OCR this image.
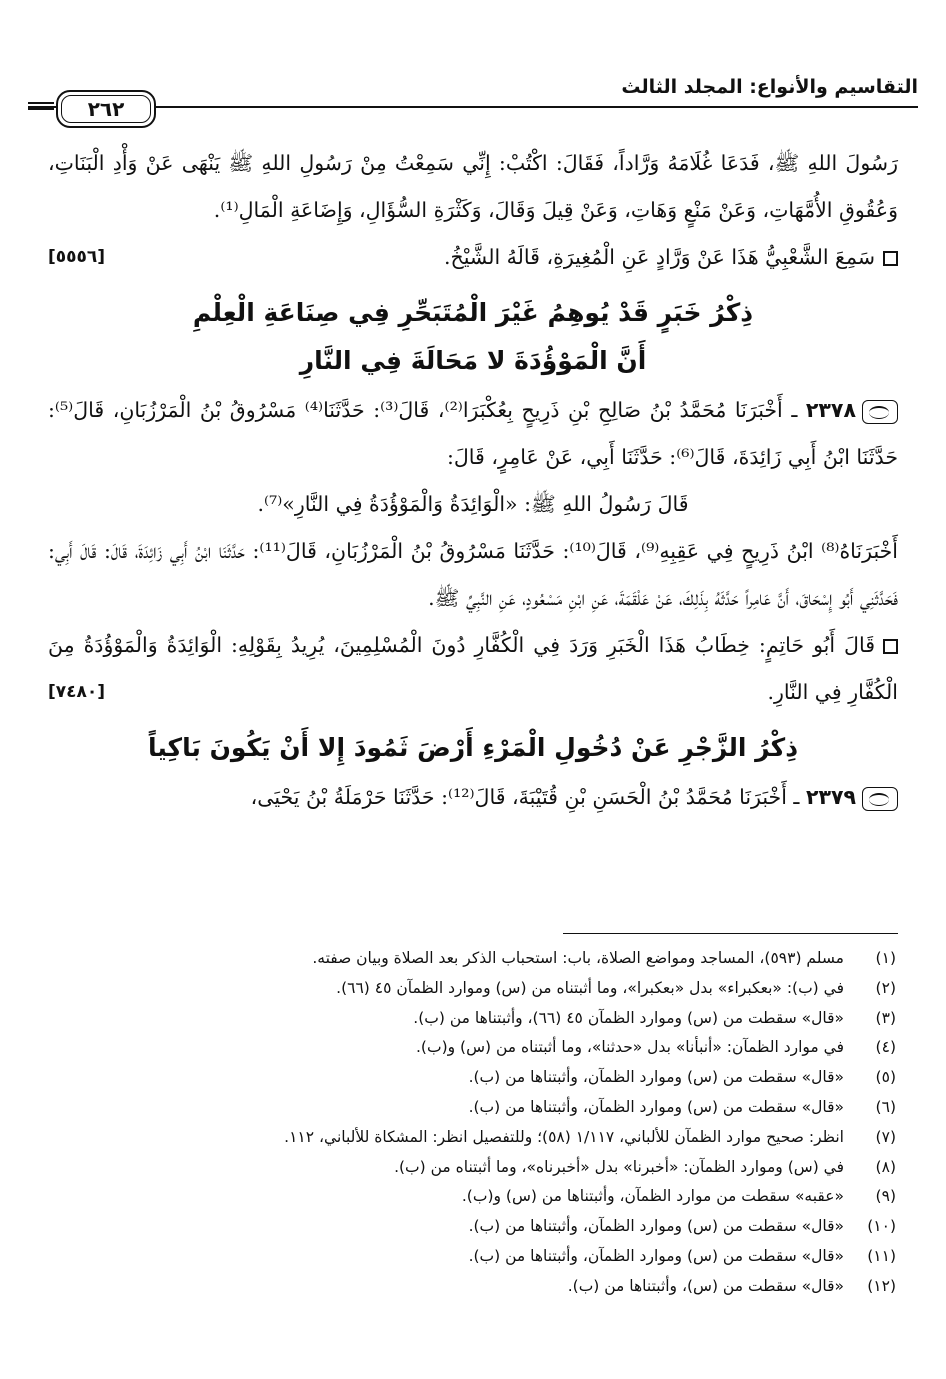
التقاسيم والأنواع: المجلد الثالث
٢٦٢

رَسُولَ اللهِ ﷺ، فَدَعَا غُلَامَهُ وَرَّاداً، فَقَالَ: اكْتُبْ: إِنِّي سَمِعْتُ مِنْ رَسُولِ اللهِ ﷺ يَنْهَى عَنْ وَأْدِ الْبَنَاتِ، وَعُقُوقِ الأُمَّهَاتِ، وَعَنْ مَنْعٍ وَهَاتِ، وَعَنْ قِيلَ وَقَالَ، وَكَثْرَةِ السُّؤَالِ، وَإِضَاعَةِ الْمَالِ⁽¹⁾.

سَمِعَ الشَّعْبِيُّ هَذَا عَنْ وَرَّادٍ عَنِ الْمُغِيرَةِ، قَالَهُ الشَّيْخُ.
[٥٥٥٦]

ذِكْرُ خَبَرٍ قَدْ يُوهِمُ غَيْرَ الْمُتَبَحِّرِ فِي صِنَاعَةِ الْعِلْمِ
أَنَّ الْمَوْؤُدَةَ لا مَحَالَةَ فِي النَّارِ

٢٣٧٨ ـ أَخْبَرَنَا مُحَمَّدُ بْنُ صَالِحِ بْنِ ذَرِيحٍ بِعُكْبَرَا⁽²⁾، قَالَ⁽³⁾: حَدَّثَنَا⁽⁴⁾ مَسْرُوقُ بْنُ الْمَرْزُبَانِ، قَالَ⁽⁵⁾: حَدَّثَنَا ابْنُ أَبِي زَائِدَةَ، قَالَ⁽⁶⁾: حَدَّثَنَا أَبِي، عَنْ عَامِرٍ، قَالَ:

قَالَ رَسُولُ اللهِ ﷺ: «الْوَائِدَةُ وَالْمَوْؤُدَةُ فِي النَّارِ»⁽⁷⁾.

أَخْبَرَنَاهُ⁽⁸⁾ ابْنُ ذَرِيحٍ فِي عَقِبِهِ⁽⁹⁾، قَالَ⁽¹⁰⁾: حَدَّثَنَا مَسْرُوقُ بْنُ الْمَرْزُبَانِ، قَالَ⁽¹¹⁾: حَدَّثَنَا ابْنُ أَبِي زَائِدَةَ، قَالَ: قَالَ أَبِي: فَحَدَّثَنِي أَبُو إِسْحَاقَ، أَنَّ عَامِراً حَدَّثَهُ بِذَلِكَ، عَنْ عَلْقَمَةَ، عَنِ ابْنِ مَسْعُودٍ، عَنِ النَّبِيِّ ﷺ.

قَالَ أَبُو حَاتِمٍ: خِطَابُ هَذَا الْخَبَرِ وَرَدَ فِي الْكُفَّارِ دُونَ الْمُسْلِمِينَ، يُرِيدُ بِقَوْلِهِ: الْوَائِدَةُ وَالْمَوْؤُدَةُ مِنَ الْكُفَّارِ فِي النَّارِ.
[٧٤٨٠]

ذِكْرُ الزَّجْرِ عَنْ دُخُولِ الْمَرْءِ أَرْضَ ثَمُودَ إِلا أَنْ يَكُونَ بَاكِياً

٢٣٧٩ ـ أَخْبَرَنَا مُحَمَّدُ بْنُ الْحَسَنِ بْنِ قُتَيْبَةَ، قَالَ⁽¹²⁾: حَدَّثَنَا حَرْمَلَةُ بْنُ يَحْيَى،

(١)
مسلم (٥٩٣)، المساجد ومواضع الصلاة، باب: استحباب الذكر بعد الصلاة وبيان صفته.
(٢)
في (ب): «بعكبراء» بدل «بعكبرا»، وما أثبتناه من (س) وموارد الظمآن ٤٥ (٦٦).
(٣)
«قال» سقطت من (س) وموارد الظمآن ٤٥ (٦٦)، وأثبتناها من (ب).
(٤)
في موارد الظمآن: «أنبأنا» بدل «حدثنا»، وما أثبتناه من (س) و(ب).
(٥)
«قال» سقطت من (س) وموارد الظمآن، وأثبتناها من (ب).
(٦)
«قال» سقطت من (س) وموارد الظمآن، وأثبتناها من (ب).
(٧)
انظر: صحيح موارد الظمآن للألباني، ١/١١٧ (٥٨)؛ وللتفصيل انظر: المشكاة للألباني، ١١٢.
(٨)
في (س) وموارد الظمآن: «أخبرنا» بدل «أخبرناه»، وما أثبتناه من (ب).
(٩)
«عقبه» سقطت من موارد الظمآن، وأثبتناها من (س) و(ب).
(١٠)
«قال» سقطت من (س) وموارد الظمآن، وأثبتناها من (ب).
(١١)
«قال» سقطت من (س) وموارد الظمآن، وأثبتناها من (ب).
(١٢)
«قال» سقطت من (س)، وأثبتناها من (ب).
